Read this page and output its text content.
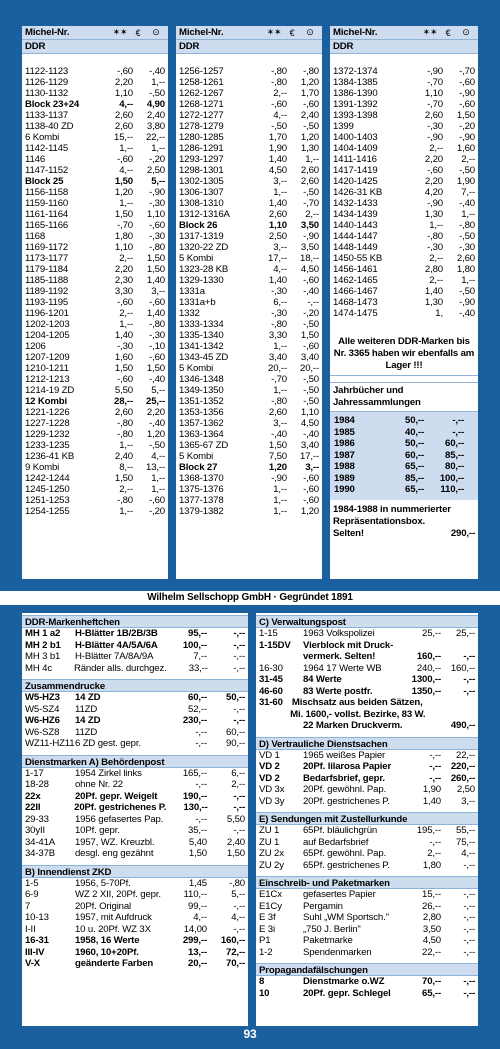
Michel-Nr.	✶✶ €	⊙
DDR
1122-1123	-,60	-,40
1126-1129	2,20	1,--
1130-1132	1,10	-,50
Block 23+24	4,--	4,90
1133-1137	2,60	2,40
1138-40 ZD	2,60	3,80
6 Kombi	15,--	22,--
1142-1145	1,--	1,--
1146	-,60	-,20
1147-1152	4,--	2,50
Block 25	1,50	5,--
1156-1158	1,20	-,90
1159-1160	1,--	-,30
1161-1164	1,50	1,10
1165-1166	-,70	-,60
1168	1,80	-,30
1169-1172	1,10	-,80
1173-1177	2,--	1,50
1179-1184	2,20	1,50
1185-1188	2,30	1,40
1189-1192	3,30	3,--
1193-1195	-,60	-,60
1196-1201	2,--	1,40
1202-1203	1,--	-,80
1204-1205	1,40	-,30
1206	-,30	-,10
1207-1209	1,60	-,60
1210-1211	1,50	1,50
1212-1213	-,60	-,40
1214-19 ZD	5,50	5,--
12 Kombi	28,--	25,--
1221-1226	2,60	2,20
1227-1228	-,80	-,40
1229-1232	-,80	1,20
1233-1235	1,--	-,50
1236-41 KB	2,40	4,--
9 Kombi	8,--	13,--
1242-1244	1,50	1,--
1245-1250	2,--	1,--
1251-1253	-,80	-,60
1254-1255	1,--	-,20
Michel-Nr.	✶✶ €	⊙
DDR
1256-1257	-,80	-,80
1258-1261	-,80	1,20
1262-1267	2,--	1,70
1268-1271	-,60	-,60
1272-1277	4,--	2,40
1278-1279	-,50	-,50
1280-1285	1,70	1,20
1286-1291	1,90	1,30
1293-1297	1,40	1,--
1298-1301	4,50	2,60
1302-1305	3,--	2,60
1306-1307	1,--	-,50
1308-1310	1,40	-,70
1312-1316A	2,60	2,--
Block 26	1,10	3,50
1317-1319	2,50	-,90
1320-22 ZD	3,--	3,50
5 Kombi	17,--	18,--
1323-28 KB	4,--	4,50
1329-1330	1,40	-,60
1331a	-,30	-,40
1331a+b	6,--	-,--
1332	-,30	-,20
1333-1334	-,80	-,50
1335-1340	3,30	1,50
1341-1342	1,--	-,60
1343-45 ZD	3,40	3,40
5 Kombi	20,--	20,--
1346-1348	-,70	-,50
1349-1350	1,--	-,50
1351-1352	-,80	-,50
1353-1356	2,60	1,10
1357-1362	3,--	4,50
1363-1364	-,40	-,40
1365-67 ZD	1,50	3,40
5 Kombi	7,50	17,--
Block 27	1,20	3,--
1368-1370	-,90	-,60
1375-1376	1,--	-,60
1377-1378	1,--	-,60
1379-1382	1,--	1,20
Michel-Nr.	✶✶ €	⊙
DDR
1372-1374	-,90	-,70
1384-1385	-,70	-,60
1386-1390	1,10	-,90
1391-1392	-,70	-,60
1393-1398	2,60	1,50
1399	-,30	-,20
1400-1403	-,90	-,90
1404-1409	2,--	1,60
1411-1416	2,20	2,--
1417-1419	-,60	-,50
1420-1425	2,20	1,90
1426-31 KB	4,20	7,--
1432-1433	-,90	-,40
1434-1439	1,30	1,--
1440-1443	1,--	-,80
1444-1447	-,80	-,50
1448-1449	-,30	-,30
1450-55 KB	2,--	2,60
1456-1461	2,80	1,80
1462-1465	2,--	1,--
1466-1467	1,40	-,50
1468-1473	1,30	-,90
1474-1475	1,	-,40
Alle weiteren DDR-Marken bis Nr. 3365 haben wir ebenfalls am Lager !!!
Jahrbücher und
Jahressammlungen
1984	50,--	-,--
1985	40,--	-,--
1986	50,--	60,--
1987	60,--	85,--
1988	65,--	80,--
1989	85,--	100,--
1990	65,--	110,--
1984-1988 in nummerierter
Repräsentationsbox.
Selten!	290,--
Wilhelm Sellschopp GmbH · Gegründet 1891
DDR-Markenheftchen
MH 1 a2	H-Blätter 1B/2B/3B	95,--	-,--
MH 2 b1	H-Blätter 4A/5A/6A	100,--	-,--
MH 3 b1	H-Blätter 7A/8A/9A	7,--	-,--
MH 4c	Ränder alls. durchgez.	33,--	-,--
Zusammendrucke
W5-HZ3	14 ZD	60,--	50,--
W5-SZ4	11ZD	52,--	-,--
W6-HZ6	14 ZD	230,--	-,--
W6-SZ8	11ZD	-,--	60,--
WZ11-HZ11 6 ZD gest. gepr.	-,--	90,--
Dienstmarken A) Behördenpost
1-17	1954 Zirkel links	165,--	6,--
18-28	ohne Nr. 22	-,--	2,--
22x	20Pf. gepr. Weigelt	190,--	-,--
22II	20Pf. gestrichenes P.	130,--	-,--
29-33	1956 gefasertes Pap.	-,--	5,50
30yII	10Pf. gepr.	35,--	-,--
34-41A	1957, WZ. Kreuzbl.	5,40	2,40
34-37B	desgl. eng gezähnt	1,50	1,50
B) Innendienst ZKD
1-5	1956, 5-70Pf.	1,45	-,80
6-9	WZ 2 XII, 20Pf. gepr.	110,--	5,--
7	20Pf. Original	99,--	-,--
10-13	1957, mit Aufdruck	4,--	4,--
I-II	10 u. 20Pf. WZ 3X	14,00	-,--
16-31	1958, 16 Werte	299,--	160,--
III-IV	1960, 10+20Pf.	13,--	72,--
V-X	geänderte Farben	20,--	70,--
C) Verwaltungspost
1-15	1963 Volkspolizei	25,--	25,--
1-15DV	Vierblock mit Druck-
vermerk. Selten!	160,--	-,--
16-30	1964 17 Werte WB	240,--	160,--
31-45	84 Werte	1300,--	-,--
46-60	83 Werte postfr.	1350,--	-,--
31-60 Mischsatz aus beiden Sätzen,
Mi. 1600,- vollst. Bezirke, 83 W.
22 Marken Druckverm.	490,--
D) Vertrauliche Dienstsachen
VD 1	1965 weißes Papier	-,--	22,--
VD 2	20Pf. lilarosa Papier	-,--	220,--
VD 2	Bedarfsbrief, gepr.	-,--	260,--
VD 3x	20Pf. gewöhnl. Pap.	1,90	2,50
VD 3y	20Pf. gestrichenes P.	1,40	3,--
E) Sendungen mit Zustellurkunde
ZU 1	65Pf. bläulichgrün	195,--	55,--
ZU 1	auf Bedarfsbrief	-,--	75,--
ZU 2x	65Pf. gewöhnl. Pap.	2,--	4,--
ZU 2y	65Pf. gestrichenes P.	1,80	-,--
Einschreib- und Paketmarken
E1Cx	gefasertes Papier	15,--	-,--
E1Cy	Pergamin	26,--	-,--
E 3f	Suhl „WM Sportsch."	2,80	-,--
E 3i	„750 J. Berlin"	3,50	-,--
P1	Paketmarke	4,50	-,--
1-2	Spendenmarken	22,--	-,--
Propagandafälschungen
8	Dienstmarke o.WZ	70,--	-,--
10	20Pf. gepr. Schlegel	65,--	-,--
93
